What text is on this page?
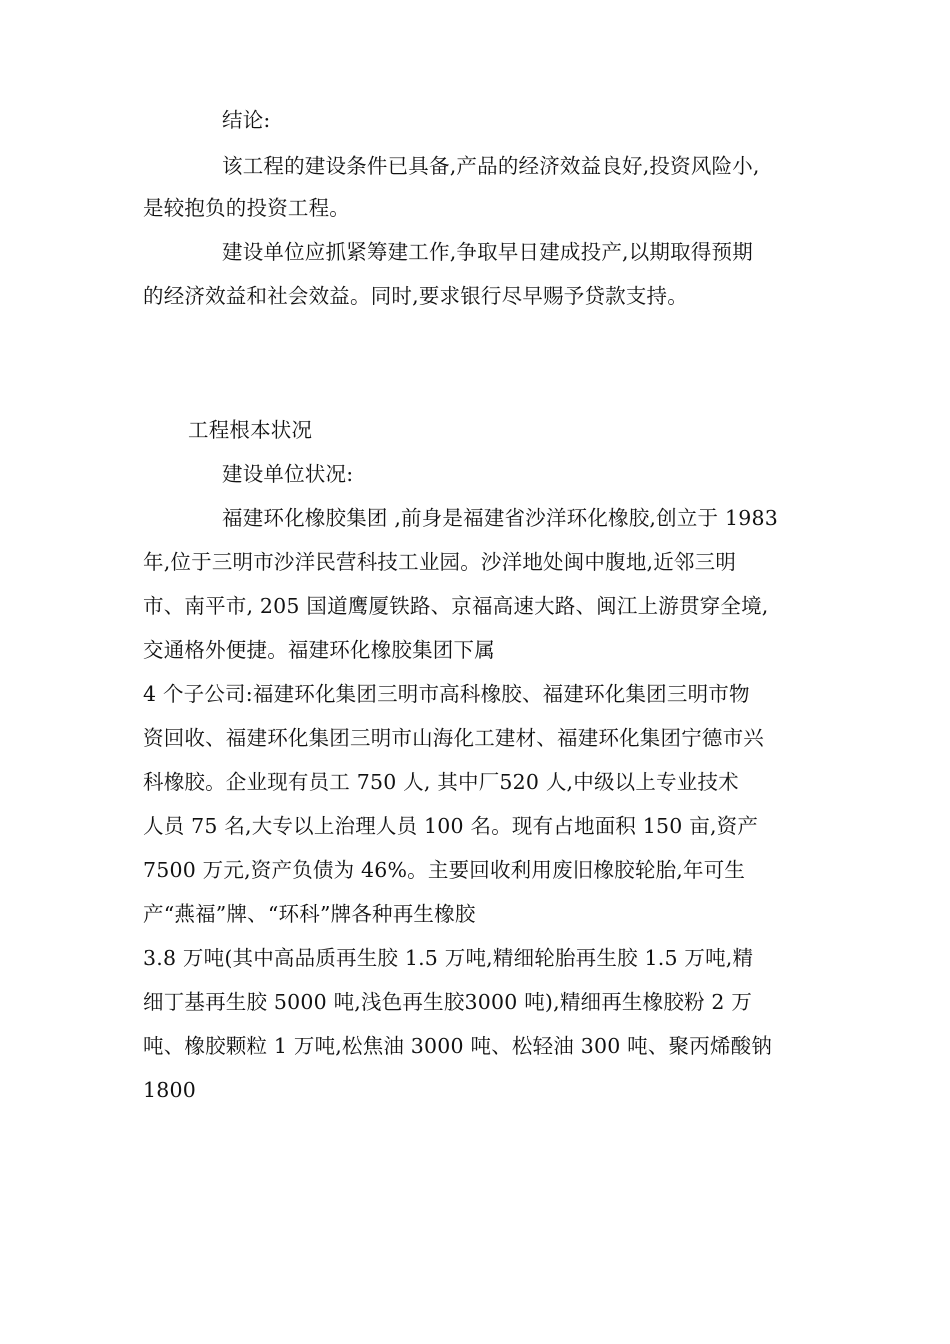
结论:
该工程的建设条件已具备,产品的经济效益良好,投资风险小,
是较抱负的投资工程。
建设单位应抓紧筹建工作,争取早日建成投产,以期取得预期
的经济效益和社会效益。同时,要求银行尽早赐予贷款支持。
工程根本状况
建设单位状况:
福建环化橡胶集团 ,前身是福建省沙洋环化橡胶,创立于 1983
年,位于三明市沙洋民营科技工业园。沙洋地处闽中腹地,近邻三明
市、南平市, 205 国道鹰厦铁路、京福高速大路、闽江上游贯穿全境,
交通格外便捷。福建环化橡胶集团下属
4 个子公司:福建环化集团三明市高科橡胶、福建环化集团三明市物
资回收、福建环化集团三明市山海化工建材、福建环化集团宁德市兴
科橡胶。企业现有员工 750 人, 其中厂520 人,中级以上专业技术
人员 75 名,大专以上治理人员 100 名。现有占地面积 150 亩,资产
7500 万元,资产负债为 46%。主要回收利用废旧橡胶轮胎,年可生
产“燕福”牌、“环科”牌各种再生橡胶
3.8 万吨(其中高品质再生胶 1.5 万吨,精细轮胎再生胶 1.5 万吨,精
细丁基再生胶 5000 吨,浅色再生胶3000 吨),精细再生橡胶粉 2 万
吨、橡胶颗粒 1 万吨,松焦油 3000 吨、松轻油 300 吨、聚丙烯酸钠
1800
